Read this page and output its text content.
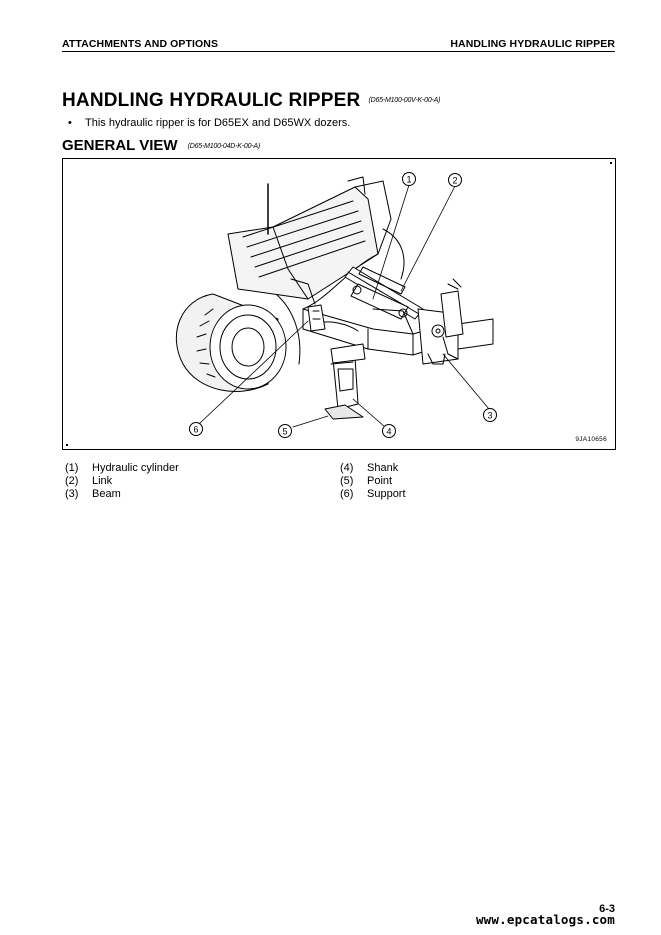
ATTACHMENTS AND OPTIONS	HANDLING HYDRAULIC RIPPER
HANDLING HYDRAULIC RIPPER (D65-M100-00V-K-00-A)
• This hydraulic ripper is for D65EX and D65WX dozers.
GENERAL VIEW (D65-M100-04D-K-00-A)
1	2
3
4
5
6
9JA10656
(1) Hydraulic cylinder
(2) Link
(3) Beam
(4) Shank
(5) Point
(6) Support
6-3
www.epcatalogs.com
